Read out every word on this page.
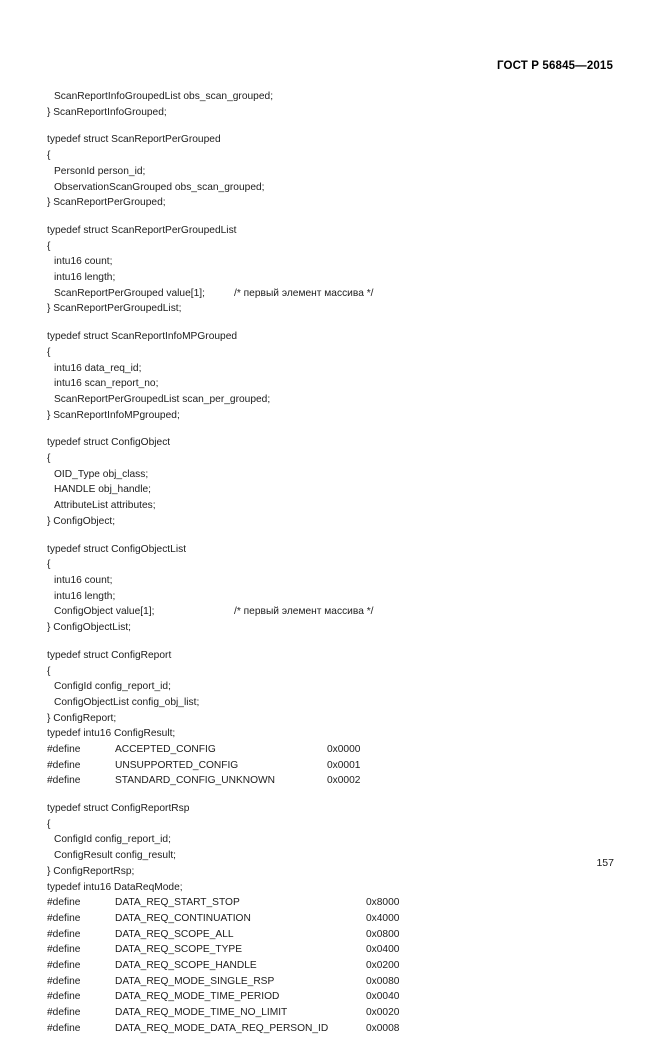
ГОСТ Р 56845—2015
ScanReportInfoGroupedList obs_scan_grouped;
} ScanReportInfoGrouped;
typedef struct ScanReportPerGrouped
{
PersonId person_id;
ObservationScanGrouped obs_scan_grouped;
} ScanReportPerGrouped;
typedef struct ScanReportPerGroupedList
{
intu16 count;
intu16 length;
ScanReportPerGrouped value[1];	/* первый элемент массива */
} ScanReportPerGroupedList;
typedef struct ScanReportInfoMPGrouped
{
intu16 data_req_id;
intu16 scan_report_no;
ScanReportPerGroupedList scan_per_grouped;
} ScanReportInfoMPgrouped;
typedef struct ConfigObject
{
OID_Type obj_class;
HANDLE obj_handle;
AttributeList attributes;
} ConfigObject;
typedef struct ConfigObjectList
{
intu16 count;
intu16 length;
ConfigObject value[1];	/* первый элемент массива */
} ConfigObjectList;
typedef struct ConfigReport
{
ConfigId config_report_id;
ConfigObjectList config_obj_list;
} ConfigReport;
typedef intu16 ConfigResult;
#define	ACCEPTED_CONFIG	0x0000
#define	UNSUPPORTED_CONFIG	0x0001
#define	STANDARD_CONFIG_UNKNOWN	0x0002
typedef struct ConfigReportRsp
{
ConfigId config_report_id;
ConfigResult config_result;
} ConfigReportRsp;
typedef intu16 DataReqMode;
#define	DATA_REQ_START_STOP	0x8000
#define	DATA_REQ_CONTINUATION	0x4000
#define	DATA_REQ_SCOPE_ALL	0x0800
#define	DATA_REQ_SCOPE_TYPE	0x0400
#define	DATA_REQ_SCOPE_HANDLE	0x0200
#define	DATA_REQ_MODE_SINGLE_RSP	0x0080
#define	DATA_REQ_MODE_TIME_PERIOD	0x0040
#define	DATA_REQ_MODE_TIME_NO_LIMIT	0x0020
#define	DATA_REQ_MODE_DATA_REQ_PERSON_ID	0x0008
157
